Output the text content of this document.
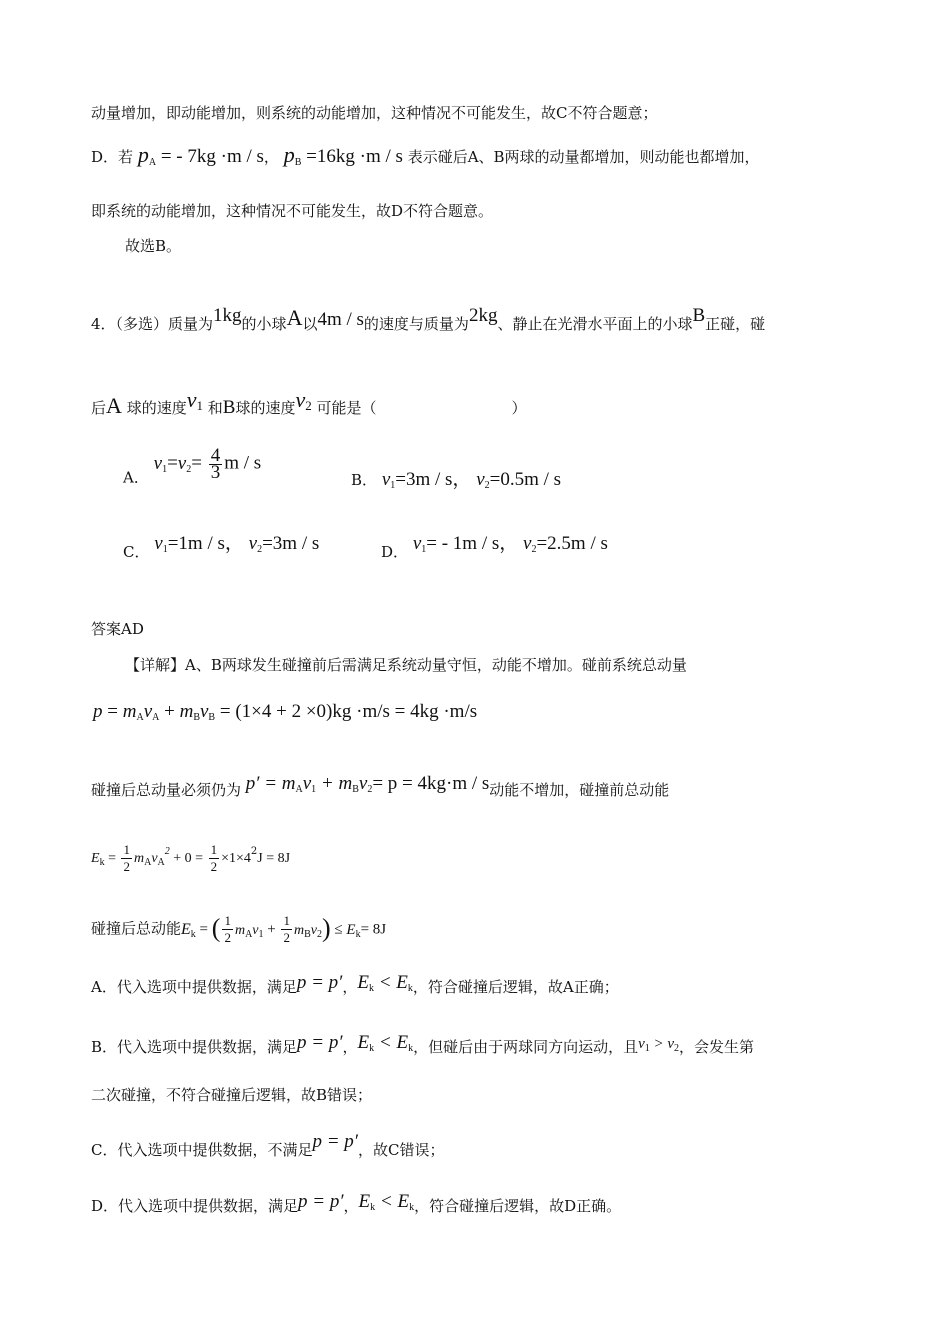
动量增加，即动能增加，则系统的动能增加，这种情况不可能发生，故C不符合题意；
D．若 $p_A$ = - 7kg ·m / s， $p_B =16kg \cdot m / s$ 表示碰后A、B两球的动量都增加，则动能也都增加，
即系统的动能增加，这种情况不可能发生，故D不符合题意。
故选B。
4．（多选）质量为1kg的小球A以4m / s的速度与质量为2kg、静止在光滑水平面上的小球B正碰，碰
后A 球的速度$v_1$ 和B球的速度$v_2$ 可能是（　　　　　　　　　）
A． $v_1=v_2= \frac{4}{3}$ m / s
B． $v_1=3m / s$， $v_2=0.5m / s$
C． $v_1=1m / s$， $v_2=3m / s$	D． $v_1= - 1m / s$， $v_2=2.5m / s$
答案AD
【详解】A、B两球发生碰撞前后需满足系统动量守恒，动能不增加。碰前系统总动量
$p = m_Av_A + m_Bv_B = (1\times 4 + 2 \times 0)kg \cdot m/s = 4kg \cdot m/s$
碰撞后总动量必须仍为 $p' = m_Av_1 + m_Bv_2= p = 4kg\cdot m / s$动能不增加，碰撞前总动能
$E_k = \frac{1}{2} m_Av_A^2 + 0 = \frac{1}{2} \times 1\times 4^2J = 8J$
碰撞后总动能$E_k$ = ( $\frac{1}{2} m_Av_1 + \frac{1}{2} m_Bv_2) \le E_k= 8J$
A．代入选项中提供数据，满足p = p′，$E_k < E_k$，符合碰撞后逻辑，故A正确；
B．代入选项中提供数据，满足p = p′，$E_k < E_k$，但碰后由于两球同方向运动，且$v_1 > v_2$，会发生第
二次碰撞，不符合碰撞后逻辑，故B错误；
C．代入选项中提供数据，不满足p = p′，故C错误；
D．代入选项中提供数据，满足p = p′，$E_k < E_k$，符合碰撞后逻辑，故D正确。
